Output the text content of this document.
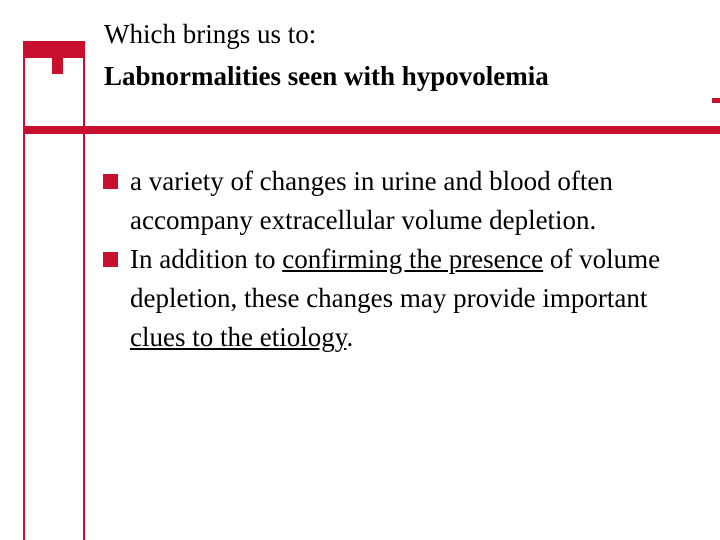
Which brings us to:
Labnormalities seen with hypovolemia
a variety of changes in urine and blood often accompany extracellular volume depletion.
In addition to confirming the presence of volume depletion, these changes may provide important clues to the etiology.
